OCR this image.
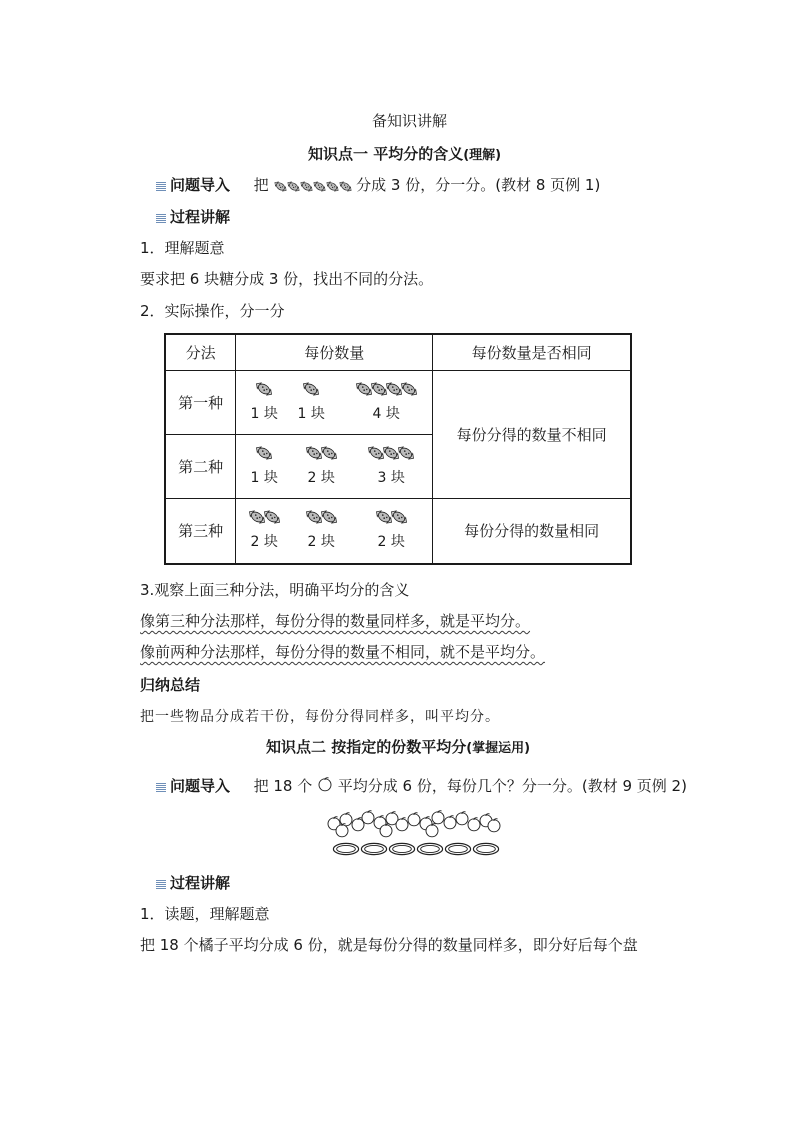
备知识讲解
知识点一 平均分的含义(理解)
问题导入 把	分成 3 份，分一分。(教材 8 页例 1)
过程讲解
1．理解题意
要求把 6 块糖分成 3 份，找出不同的分法。
2．实际操作，分一分
分法	每份数量	每份数量是否相同
第一种	1 块 1 块 4 块	每份分得的数量不相同
第二种	1 块 2 块 3 块	

第三种	2 块 2 块 2 块	每份分得的数量相同
3.观察上面三种分法，明确平均分的含义
像第三种分法那样，每份分得的数量同样多，就是平均分。
像前两种分法那样，每份分得的数量不相同，就不是平均分。
归纳总结
把一些物品分成若干份，每份分得同样多，叫平均分。
知识点二 按指定的份数平均分(掌握运用)
问题导入 把 18 个 平均分成 6 份，每份几个？分一分。(教材 9 页例 2)
过程讲解
1．读题，理解题意
把 18 个橘子平均分成 6 份，就是每份分得的数量同样多，即分好后每个盘
